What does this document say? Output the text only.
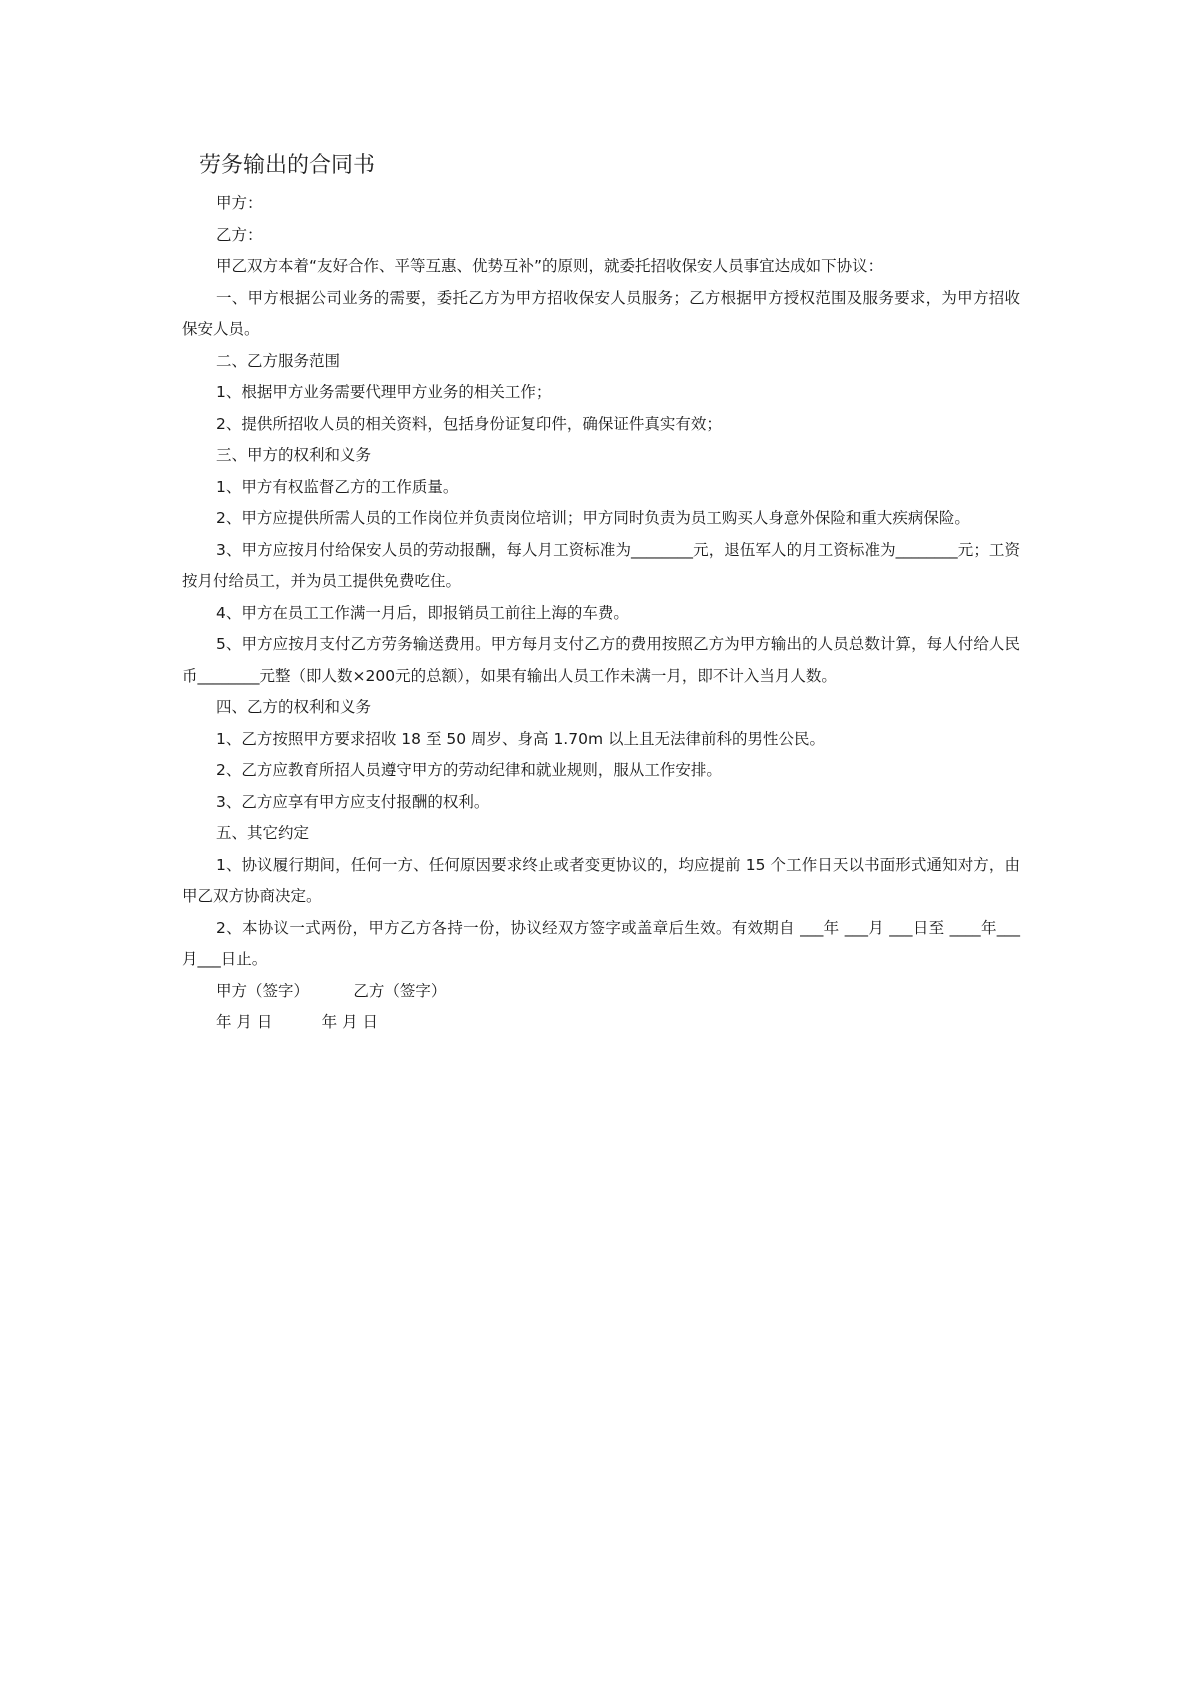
劳务输出的合同书

甲方：

乙方：

甲乙双方本着“友好合作、平等互惠、优势互补”的原则，就委托招收保安人员事宜达成如下协议：

一、甲方根据公司业务的需要，委托乙方为甲方招收保安人员服务；乙方根据甲方授权范围及服务要求，为甲方招收保安人员。

二、乙方服务范围

1、根据甲方业务需要代理甲方业务的相关工作；

2、提供所招收人员的相关资料，包括身份证复印件，确保证件真实有效；

三、甲方的权利和义务

1、甲方有权监督乙方的工作质量。

2、甲方应提供所需人员的工作岗位并负责岗位培训；甲方同时负责为员工购买人身意外保险和重大疾病保险。

3、甲方应按月付给保安人员的劳动报酬，每人月工资标准为________元，退伍军人的月工资标准为________元；工资按月付给员工，并为员工提供免费吃住。

4、甲方在员工工作满一月后，即报销员工前往上海的车费。

5、甲方应按月支付乙方劳务输送费用。甲方每月支付乙方的费用按照乙方为甲方输出的人员总数计算，每人付给人民币________元整（即人数×200元的总额），如果有输出人员工作未满一月，即不计入当月人数。

四、乙方的权利和义务

1、乙方按照甲方要求招收 18 至 50 周岁、身高 1.70m 以上且无法律前科的男性公民。

2、乙方应教育所招人员遵守甲方的劳动纪律和就业规则，服从工作安排。

3、乙方应享有甲方应支付报酬的权利。

五、其它约定

1、协议履行期间，任何一方、任何原因要求终止或者变更协议的，均应提前 15 个工作日天以书面形式通知对方，由甲乙双方协商决定。

2、本协议一式两份，甲方乙方各持一份，协议经双方签字或盖章后生效。有效期自 ___年 ___月 ___日至 ____年___月___日止。

甲方（签字）	乙方（签字）
年 月 日	年 月 日
